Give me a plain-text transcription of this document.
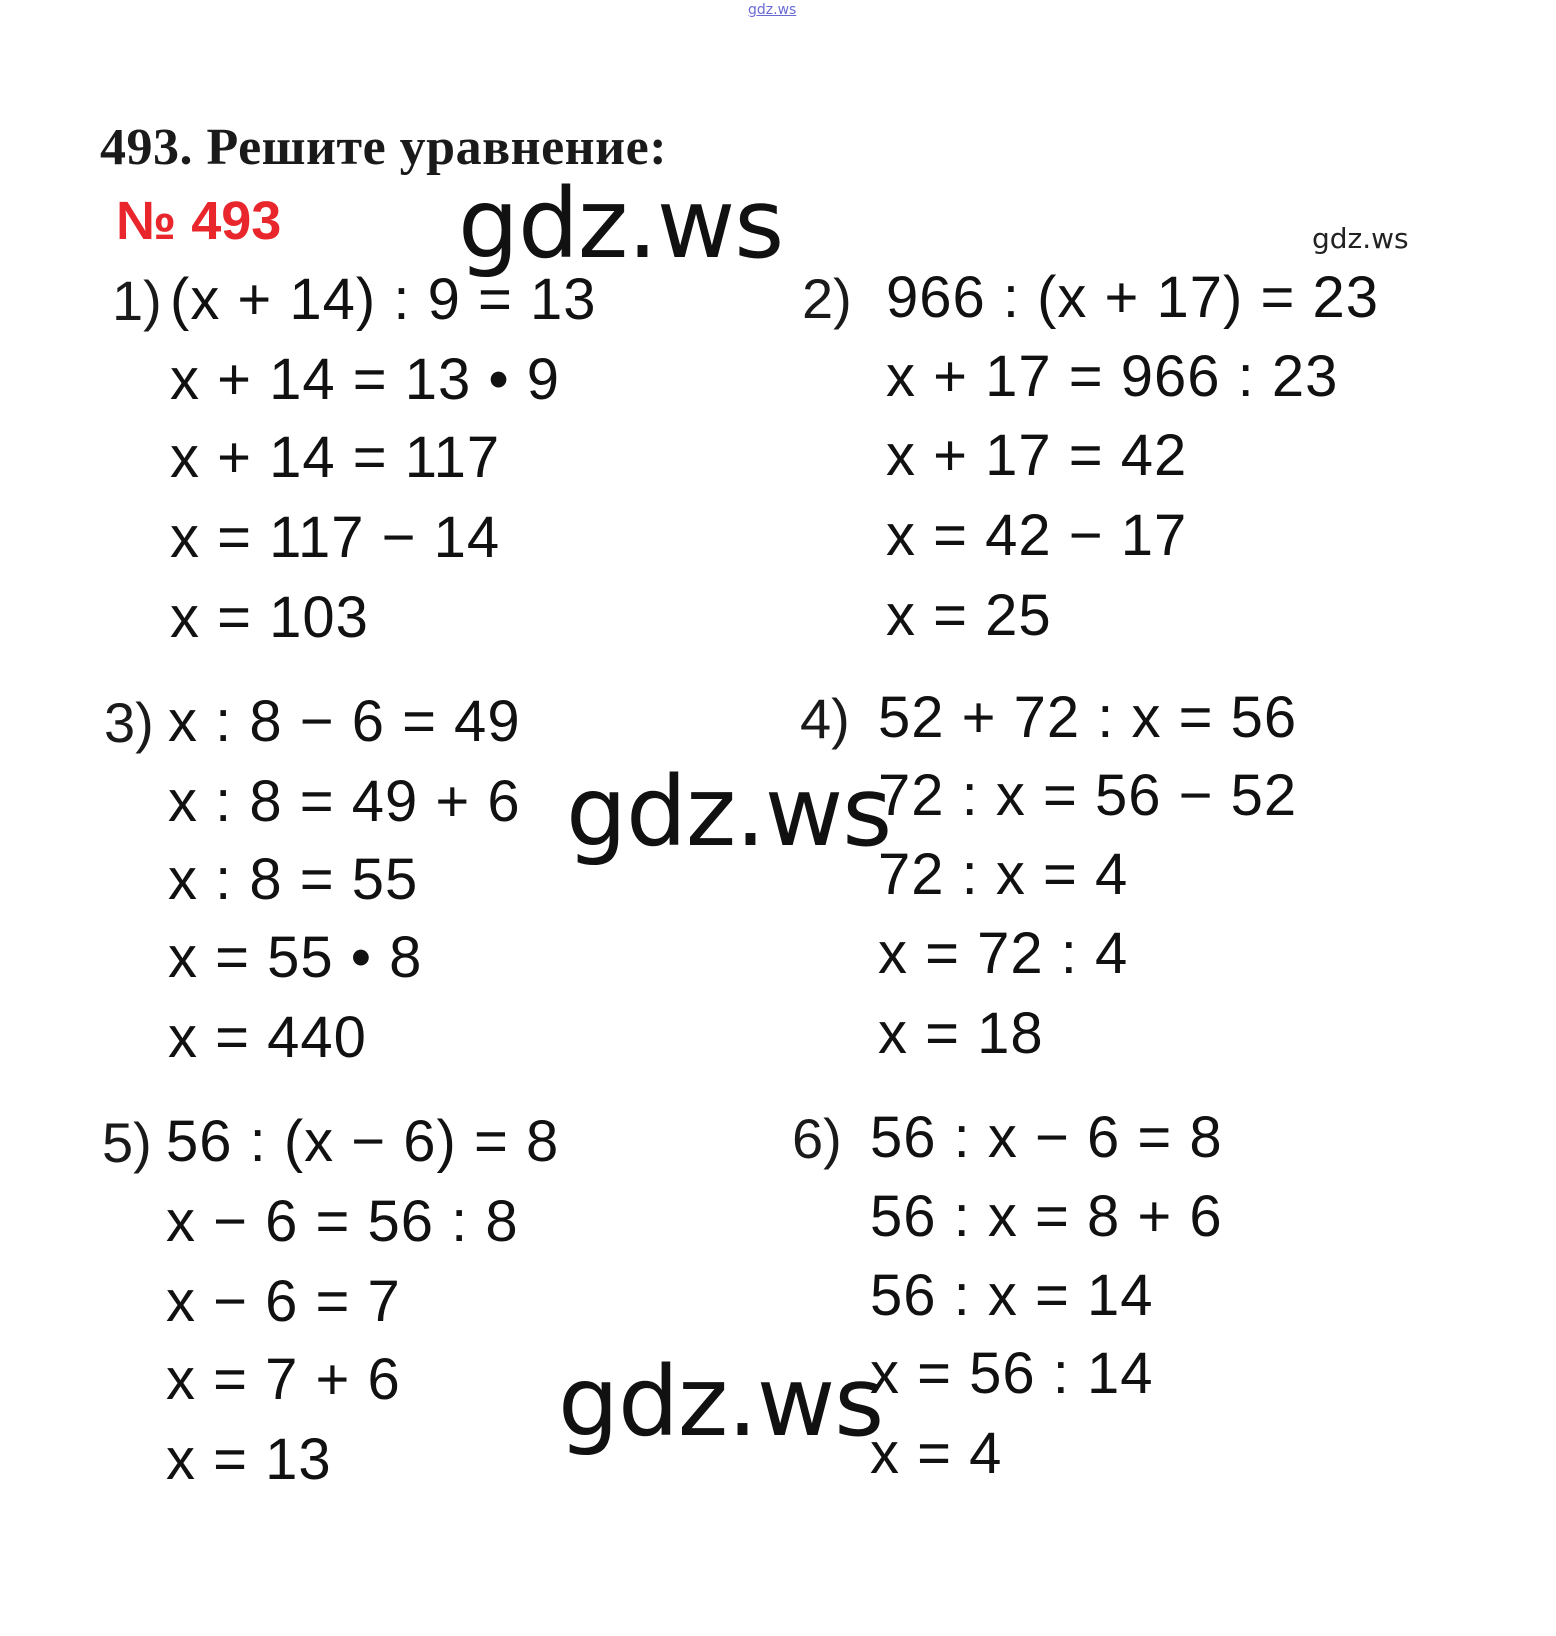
gdz.ws
493. Решите уравнение:
№ 493	gdz.ws
1) (x + 14) : 9 = 13
x + 14 = 13 • 9
x + 14 = 117
x = 117 − 14
x = 103
2) 966 : (x + 17) = 23
x + 17 = 966 : 23
x + 17 = 42
x = 42 − 17
x = 25
3) x : 8 − 6 = 49
x : 8 = 49 + 6
x : 8 = 55
x = 55 • 8
x = 440
4) 52 + 72 : x = 56
72 : x = 56 − 52
72 : x = 4
x = 72 : 4
x = 18
5) 56 : (x − 6) = 8
x − 6 = 56 : 8
x − 6 = 7
x = 7 + 6
x = 13
6) 56 : x − 6 = 8
56 : x = 8 + 6
56 : x = 14
x = 56 : 14
x = 4
gdz.ws
gdz.ws
gdz.ws
